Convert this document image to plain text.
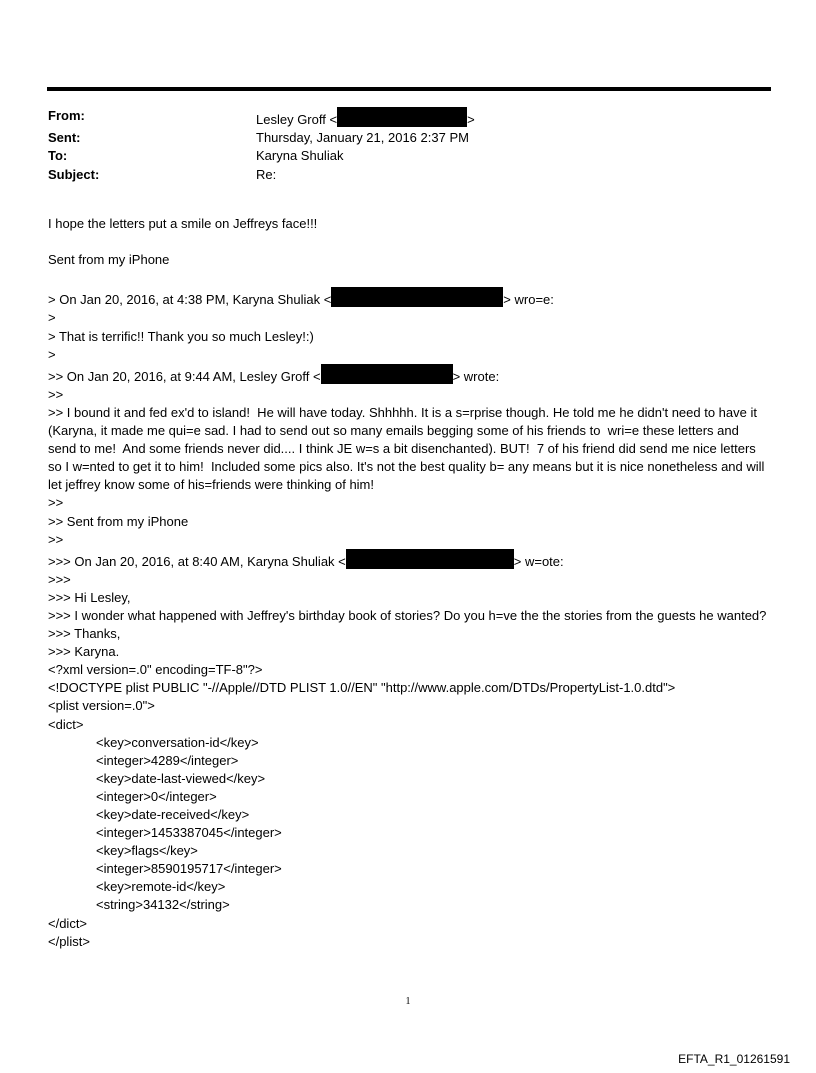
From:	Lesley Groff <	>
Sent:	Thursday, January 21, 2016 2:37 PM
To:	Karyna Shuliak
Subject:	Re:

I hope the letters put a smile on Jeffreys face!!!

Sent from my iPhone

> On Jan 20, 2016, at 4:38 PM, Karyna Shuliak <	> wro=e:

>

> That is terrific!! Thank you so much Lesley!:)

>

>> On Jan 20, 2016, at 9:44 AM, Lesley Groff <	> wrote:

>>

>> I bound it and fed ex'd to island!  He will have today. Shhhhh. It is a s=rprise though. He told me he didn't need to have it (Karyna, it made me qui=e sad. I had to send out so many emails begging some of his friends to  wri=e these letters and send to me!  And some friends never did.... I think JE w=s a bit disenchanted). BUT!  7 of his friend did send me nice letters so I w=nted to get it to him!  Included some pics also. It's not the best quality b= any means but it is nice nonetheless and will let jeffrey know some of his=friends were thinking of him!

>>

>> Sent from my iPhone

>>

>>> On Jan 20, 2016, at 8:40 AM, Karyna Shuliak <	> w=ote:

>>>

>>> Hi Lesley,

>>> I wonder what happened with Jeffrey's birthday book of stories? Do you h=ve the the stories from the guests he wanted?

>>> Thanks,

>>> Karyna.

<?xml version=.0" encoding=TF-8"?>

<!DOCTYPE plist PUBLIC "-//Apple//DTD PLIST 1.0//EN" "http://www.apple.com/DTDs/PropertyList-1.0.dtd">

<plist version=.0">

<dict>

<key>conversation-id</key>

<integer>4289</integer>

<key>date-last-viewed</key>

<integer>0</integer>

<key>date-received</key>

<integer>1453387045</integer>

<key>flags</key>

<integer>8590195717</integer>

<key>remote-id</key>

<string>34132</string>

</dict>

</plist>

1
EFTA_R1_01261591
